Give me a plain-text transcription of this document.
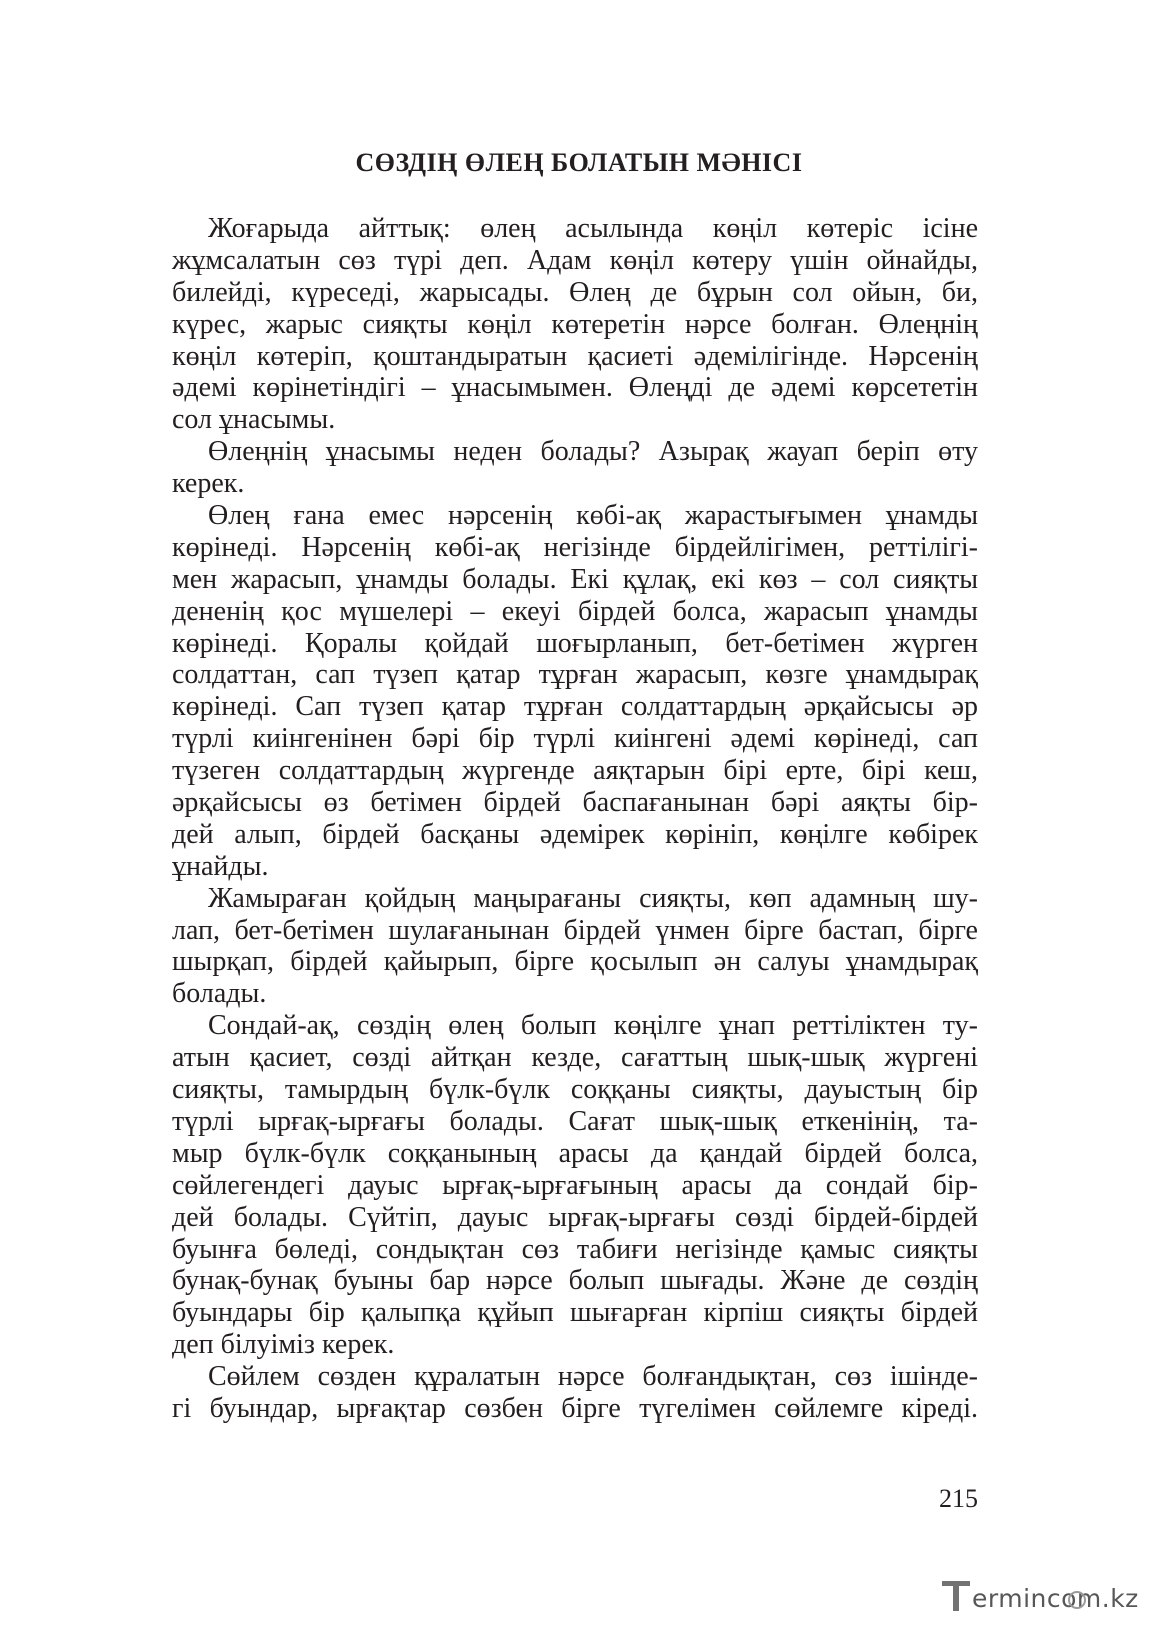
СӨЗДІҢ ӨЛЕҢ БОЛАТЫН МӘНІСІ
Жоғарыда айттық: өлең асылында көңіл көтеріс ісіне
жұмсалатын сөз түрі деп. Адам көңіл көтеру үшін ойнайды,
билейді, күреседі, жарысады. Өлең де бұрын сол ойын, би,
күрес, жарыс сияқты көңіл көтеретін нәрсе болған. Өлеңнің
көңіл көтеріп, қоштандыратын қасиеті әдемілігінде. Нәрсенің
әдемі көрінетіндігі – ұнасымымен. Өлеңді де әдемі көрсететін
сол ұнасымы.
Өлеңнің ұнасымы неден болады? Азырақ жауап беріп өту
керек.
Өлең ғана емес нәрсенің көбі-ақ жарастығымен ұнамды
көрінеді. Нәрсенің көбі-ақ негізінде бірдейлігімен, реттілігі-
мен жарасып, ұнамды болады. Екі құлақ, екі көз – сол сияқты
дененің қос мүшелері – екеуі бірдей болса, жарасып ұнамды
көрінеді. Қоралы қойдай шоғырланып, бет-бетімен жүрген
солдаттан, сап түзеп қатар тұрған жарасып, көзге ұнамдырақ
көрінеді. Сап түзеп қатар тұрған солдаттардың әрқайсысы әр
түрлі киінгенінен бәрі бір түрлі киінгені әдемі көрінеді, сап
түзеген солдаттардың жүргенде аяқтарын бірі ерте, бірі кеш,
әрқайсысы өз бетімен бірдей баспағанынан бәрі аяқты бір-
дей алып, бірдей басқаны әдемірек көрініп, көңілге көбірек
ұнайды.
Жамыраған қойдың маңырағаны сияқты, көп адамның шу-
лап, бет-бетімен шулағанынан бірдей үнмен бірге бастап, бірге
шырқап, бірдей қайырып, бірге қосылып ән салуы ұнамдырақ
болады.
Сондай-ақ, сөздің өлең болып көңілге ұнап реттіліктен ту-
атын қасиет, сөзді айтқан кезде, сағаттың шық-шық жүргені
сияқты, тамырдың бүлк-бүлк соққаны сияқты, дауыстың бір
түрлі ырғақ-ырғағы болады. Сағат шық-шық еткенінің, та-
мыр бүлк-бүлк соққанының арасы да қандай бірдей болса,
сөйлегендегі дауыс ырғақ-ырғағының арасы да сондай бір-
дей болады. Сүйтіп, дауыс ырғақ-ырғағы сөзді бірдей-бірдей
буынға бөледі, сондықтан сөз табиғи негізінде қамыс сияқты
бунақ-бунақ буыны бар нәрсе болып шығады. Және де сөздің
буындары бір қалыпқа құйып шығарған кірпіш сияқты бірдей
деп білуіміз керек.
Сөйлем сөзден құралатын нәрсе болғандықтан, сөз ішінде-
гі буындар, ырғақтар сөзбен бірге түгелімен сөйлемге кіреді.
215
ermincom.kz
